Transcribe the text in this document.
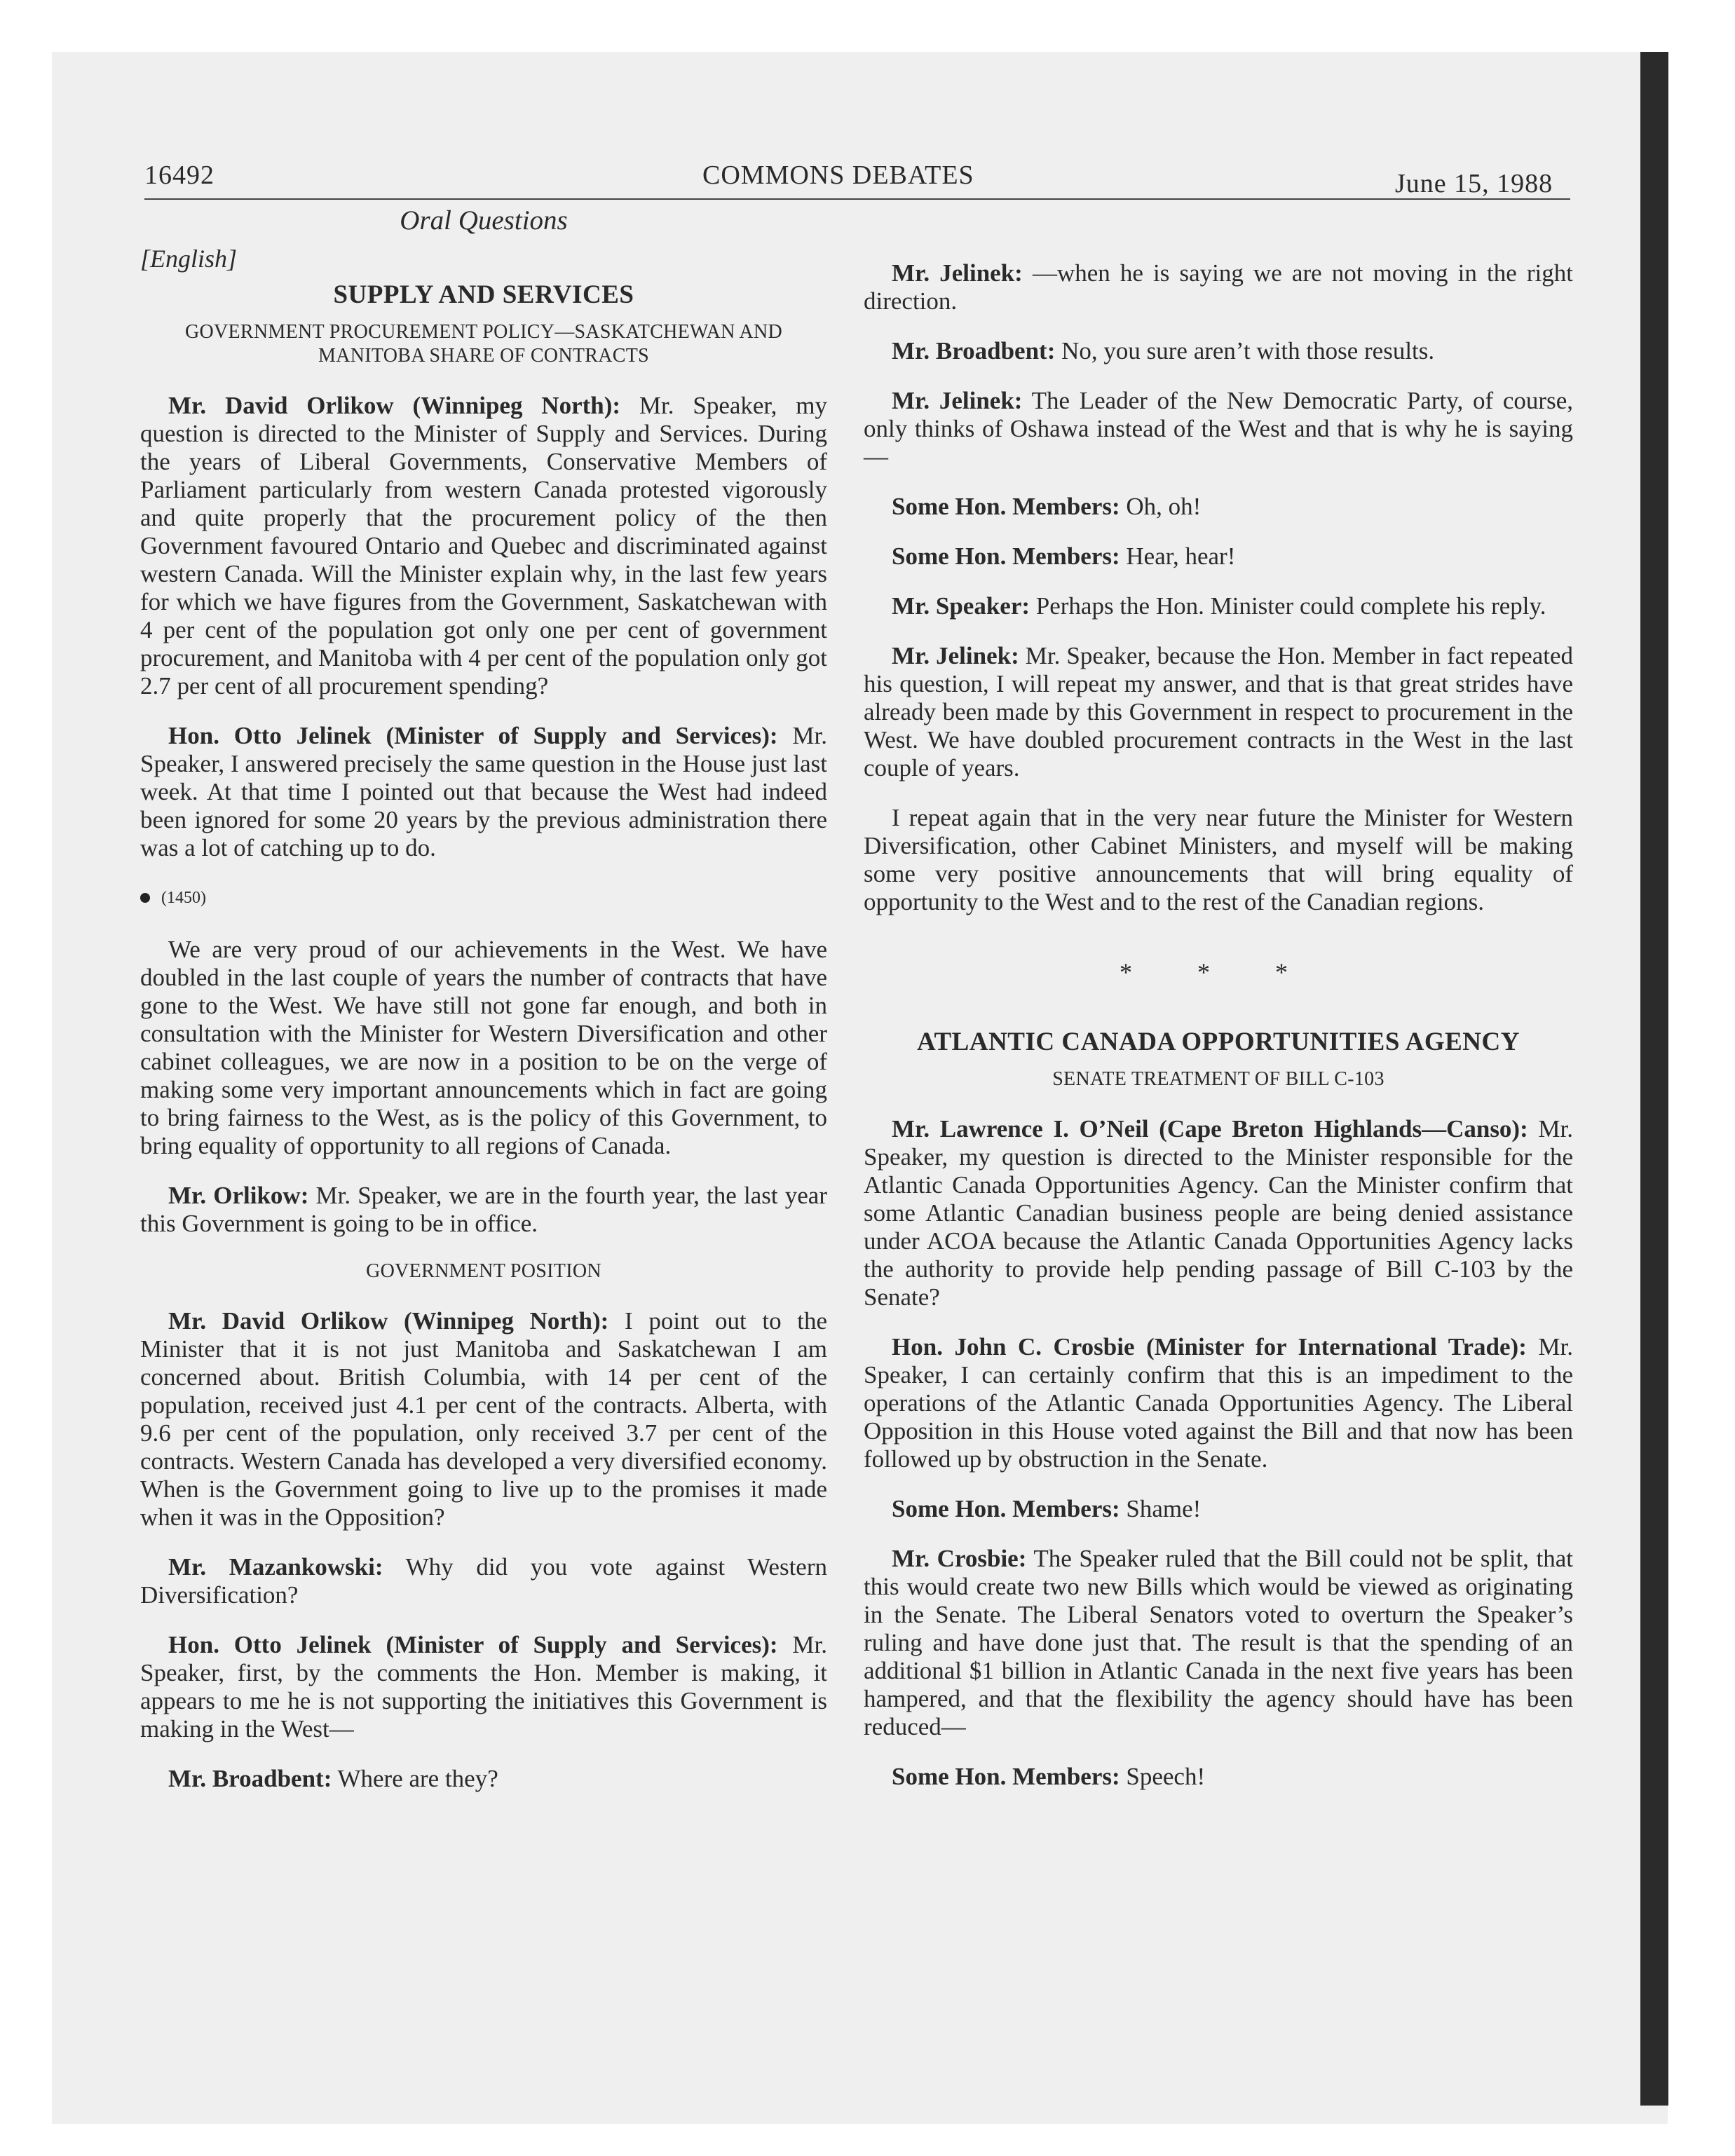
16492	COMMONS DEBATES	June 15, 1988
Oral Questions
[English]
SUPPLY AND SERVICES
GOVERNMENT PROCUREMENT POLICY—SASKATCHEWAN AND MANITOBA SHARE OF CONTRACTS

Mr. David Orlikow (Winnipeg North): Mr. Speaker, my question is directed to the Minister of Supply and Services. During the years of Liberal Governments, Conservative Members of Parliament particularly from western Canada protested vigorously and quite properly that the procurement policy of the then Government favoured Ontario and Quebec and discriminated against western Canada. Will the Minister explain why, in the last few years for which we have figures from the Government, Saskatchewan with 4 per cent of the population got only one per cent of government procurement, and Manitoba with 4 per cent of the population only got 2.7 per cent of all procurement spending?

Hon. Otto Jelinek (Minister of Supply and Services): Mr. Speaker, I answered precisely the same question in the House just last week. At that time I pointed out that because the West had indeed been ignored for some 20 years by the previous administration there was a lot of catching up to do.

(1450)

We are very proud of our achievements in the West. We have doubled in the last couple of years the number of contracts that have gone to the West. We have still not gone far enough, and both in consultation with the Minister for Western Diversification and other cabinet colleagues, we are now in a position to be on the verge of making some very important announcements which in fact are going to bring fairness to the West, as is the policy of this Government, to bring equality of opportunity to all regions of Canada.

Mr. Orlikow: Mr. Speaker, we are in the fourth year, the last year this Government is going to be in office.

GOVERNMENT POSITION

Mr. David Orlikow (Winnipeg North): I point out to the Minister that it is not just Manitoba and Saskatchewan I am concerned about. British Columbia, with 14 per cent of the population, received just 4.1 per cent of the contracts. Alberta, with 9.6 per cent of the population, only received 3.7 per cent of the contracts. Western Canada has developed a very diversified economy. When is the Government going to live up to the promises it made when it was in the Opposition?

Mr. Mazankowski: Why did you vote against Western Diversification?

Hon. Otto Jelinek (Minister of Supply and Services): Mr. Speaker, first, by the comments the Hon. Member is making, it appears to me he is not supporting the initiatives this Government is making in the West—

Mr. Broadbent: Where are they?

Mr. Jelinek: —when he is saying we are not moving in the right direction.

Mr. Broadbent: No, you sure aren’t with those results.

Mr. Jelinek: The Leader of the New Democratic Party, of course, only thinks of Oshawa instead of the West and that is why he is saying—

Some Hon. Members: Oh, oh!

Some Hon. Members: Hear, hear!

Mr. Speaker: Perhaps the Hon. Minister could complete his reply.

Mr. Jelinek: Mr. Speaker, because the Hon. Member in fact repeated his question, I will repeat my answer, and that is that great strides have already been made by this Government in respect to procurement in the West. We have doubled procurement contracts in the West in the last couple of years.

I repeat again that in the very near future the Minister for Western Diversification, other Cabinet Ministers, and myself will be making some very positive announcements that will bring equality of opportunity to the West and to the rest of the Canadian regions.

* * *
ATLANTIC CANADA OPPORTUNITIES AGENCY
SENATE TREATMENT OF BILL C-103

Mr. Lawrence I. O’Neil (Cape Breton Highlands—Canso): Mr. Speaker, my question is directed to the Minister responsible for the Atlantic Canada Opportunities Agency. Can the Minister confirm that some Atlantic Canadian business people are being denied assistance under ACOA because the Atlantic Canada Opportunities Agency lacks the authority to provide help pending passage of Bill C-103 by the Senate?

Hon. John C. Crosbie (Minister for International Trade): Mr. Speaker, I can certainly confirm that this is an impediment to the operations of the Atlantic Canada Opportunities Agency. The Liberal Opposition in this House voted against the Bill and that now has been followed up by obstruction in the Senate.

Some Hon. Members: Shame!

Mr. Crosbie: The Speaker ruled that the Bill could not be split, that this would create two new Bills which would be viewed as originating in the Senate. The Liberal Senators voted to overturn the Speaker’s ruling and have done just that. The result is that the spending of an additional $1 billion in Atlantic Canada in the next five years has been hampered, and that the flexibility the agency should have has been reduced—

Some Hon. Members: Speech!
